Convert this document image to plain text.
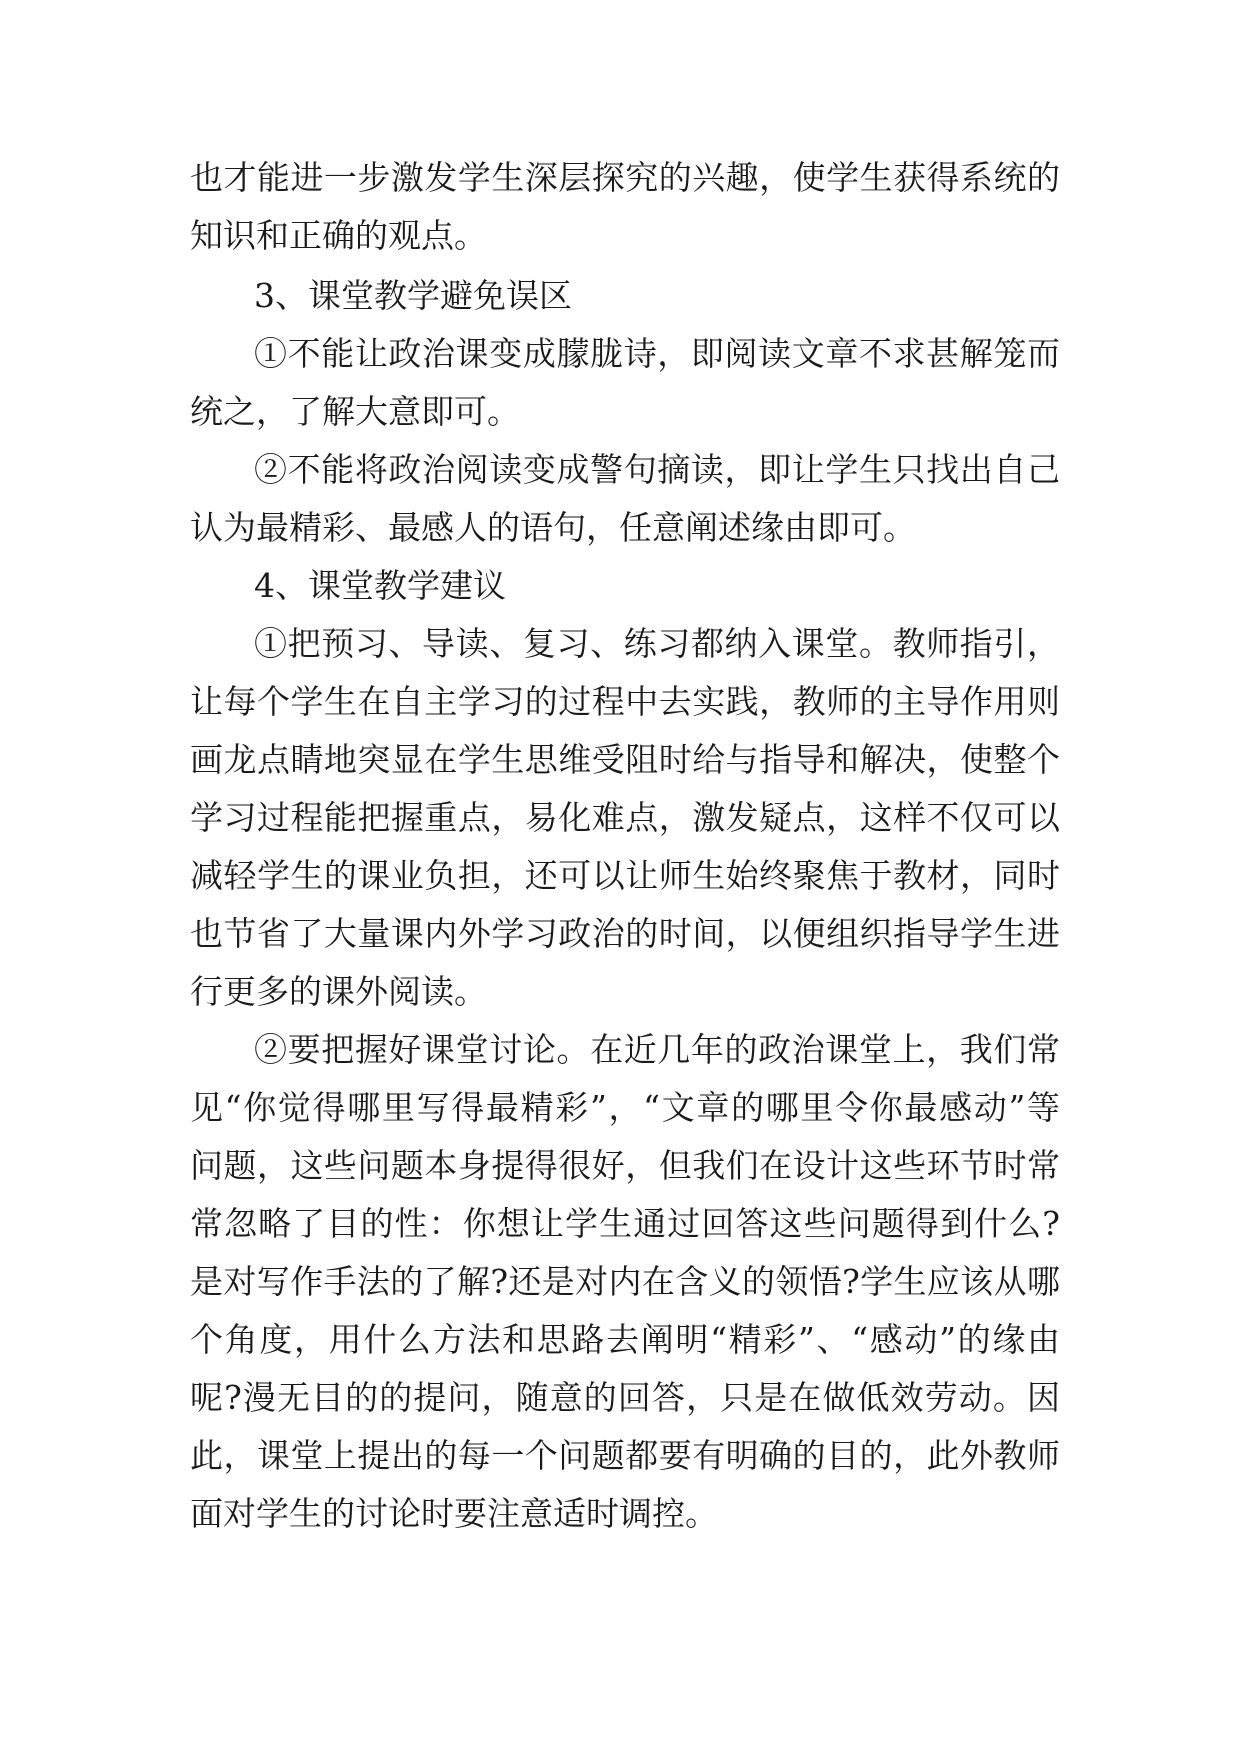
也才能进一步激发学生深层探究的兴趣，使学生获得系统的
知识和正确的观点。
3、课堂教学避免误区
①不能让政治课变成朦胧诗，即阅读文章不求甚解笼而
统之，了解大意即可。
②不能将政治阅读变成警句摘读，即让学生只找出自己
认为最精彩、最感人的语句，任意阐述缘由即可。
4、课堂教学建议
①把预习、导读、复习、练习都纳入课堂。教师指引，
让每个学生在自主学习的过程中去实践，教师的主导作用则
画龙点睛地突显在学生思维受阻时给与指导和解决，使整个
学习过程能把握重点，易化难点，激发疑点，这样不仅可以
减轻学生的课业负担，还可以让师生始终聚焦于教材，同时
也节省了大量课内外学习政治的时间，以便组织指导学生进
行更多的课外阅读。
②要把握好课堂讨论。在近几年的政治课堂上，我们常
见“你觉得哪里写得最精彩”，“文章的哪里令你最感动”等
问题，这些问题本身提得很好，但我们在设计这些环节时常
常忽略了目的性：你想让学生通过回答这些问题得到什么?
是对写作手法的了解?还是对内在含义的领悟?学生应该从哪
个角度，用什么方法和思路去阐明“精彩”、“感动”的缘由
呢?漫无目的的提问，随意的回答，只是在做低效劳动。因
此，课堂上提出的每一个问题都要有明确的目的，此外教师
面对学生的讨论时要注意适时调控。
